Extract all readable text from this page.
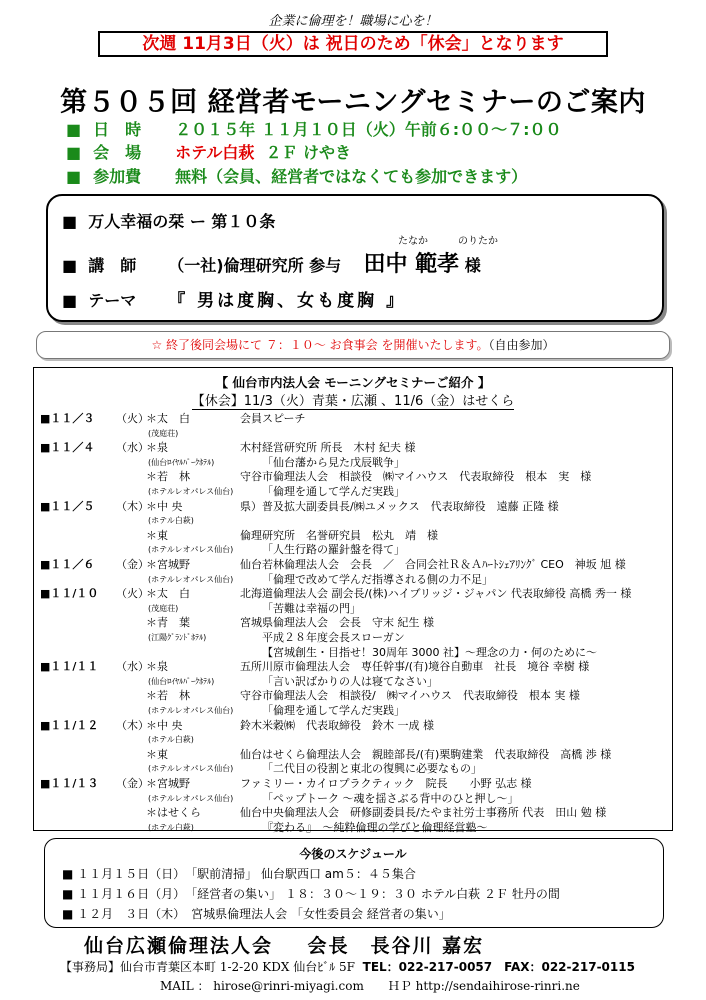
企業に倫理を！職場に心を！
次週 11月3日（火）は 祝日のため「休会」となります
第５０５回 経営者モーニングセミナーのご案内
■ 日　時 ２０１５年 １１月１０日（火）午前６:００～７:００
■ 会　場 ホテル白萩 ２Ｆ けやき
■ 参加費 無料（会員、経営者ではなくても参加できます）
■  万人幸福の栞 ー 第１０条
たなか	のりたか
■  講　師 （一社)倫理研究所 参与 田中 範孝 様
■  テーマ 『 男は度胸、女も度胸 』
☆ 終了後同会場にて ７：１０～ お食事会 を開催いたします。（自由参加）
【 仙台市内法人会 モーニングセミナーご紹介 】
【休会】11/3（火）青葉・広瀬 、11/6（金）はせくら
■１１／３ （火）
＊太　白	会員スピーチ
(茂庭荘)
■１１／４ （水）
＊泉	木村経営研究所 所長　木村 紀夫 様
(仙台ﾛｲﾔﾙﾊﾟｰｸﾎﾃﾙ)	「仙台藩から見た戊辰戦争」
＊若　林	守谷市倫理法人会　相談役　㈱マイハウス　代表取締役　根本　実　様
(ホテルレオパレス仙台)	「倫理を通して学んだ実践」
■１１／５ （木）
＊中 央	県）普及拡大副委員長/㈱ユメックス　代表取締役　遠藤 正隆 様
(ホテル白萩)
＊東	倫理研究所　名誉研究員　松丸　靖　様
(ホテルレオパレス仙台)	「人生行路の羅針盤を得て」
■１１／６ （金）
＊宮城野	仙台若林倫理法人会　会長　／　合同会社Ｒ＆Ａﾊｰﾄｼｪｱﾘﾝｸﾞ CEO　神坂 旭 様
(ホテルレオパレス仙台)	「倫理で改めて学んだ指導される側の力不足」
■１１/１０ （火）
＊太　白	北海道倫理法人会 副会長/(株)ハイブリッジ・ジャパン 代表取締役 高橋 秀一 様
(茂庭荘)	「苦難は幸福の門」
＊青　葉	宮城県倫理法人会　会長　守末 紀生 様
(江陽ｸﾞﾗﾝﾄﾞﾎﾃﾙ)	平成２８年度会長スローガン
【宮城創生・目指せ！30周年 3000 社】～理念の力・何のために～
■１１/１１ （水）
＊泉	五所川原市倫理法人会　専任幹事/(有)境谷自動車　社長　境谷 幸樹 様
(仙台ﾛｲﾔﾙﾊﾟｰｸﾎﾃﾙ)	「言い訳ばかりの人は寝てなさい」
＊若　林	守谷市倫理法人会　相談役/　㈱マイハウス　代表取締役　根本 実 様
(ホテルレオパレス仙台)	「倫理を通して学んだ実践」
■１１/１２ （木）
＊中 央	鈴木米穀㈱　代表取締役　鈴木 一成 様
(ホテル白萩)
＊東	仙台はせくら倫理法人会　親睦部長/(有)栗駒建業　代表取締役　高橋 渉 様
(ホテルレオパレス仙台)	「二代目の役割と東北の復興に必要なもの」
■１１/１３ （金）
＊宮城野	ファミリー・カイロプラクティック　院長　　小野 弘志 様
(ホテルレオパレス仙台)	「ペップトーク ～魂を揺さぶる背中のひと押し～」
＊はせくら	仙台中央倫理法人会　研修副委員長/たやま社労士事務所 代表　田山 勉 様
(ホテル白萩)	『変わる』　～純粋倫理の学びと倫理経営塾～
今後のスケジュール
■ １１月１５日（日）　「駅前清掃」 仙台駅西口 am５：４５集合
■ １１月１６日（月）　「経営者の集い」 １８：３０～１９：３０ ホテル白萩 ２Ｆ 牡丹の間
■ １２月　３日（木）　宮城県倫理法人会 「女性委員会 経営者の集い」
仙台広瀬倫理法人会 会長　長谷川 嘉宏
【事務局】仙台市青葉区本町 1-2-20 KDX 仙台ﾋﾞﾙ 5F TEL：022-217-0057　FAX：022-217-0115
MAIL ： hirose@rinri-miyagi.com　　ＨＰ http://sendaihirose-rinri.ne
